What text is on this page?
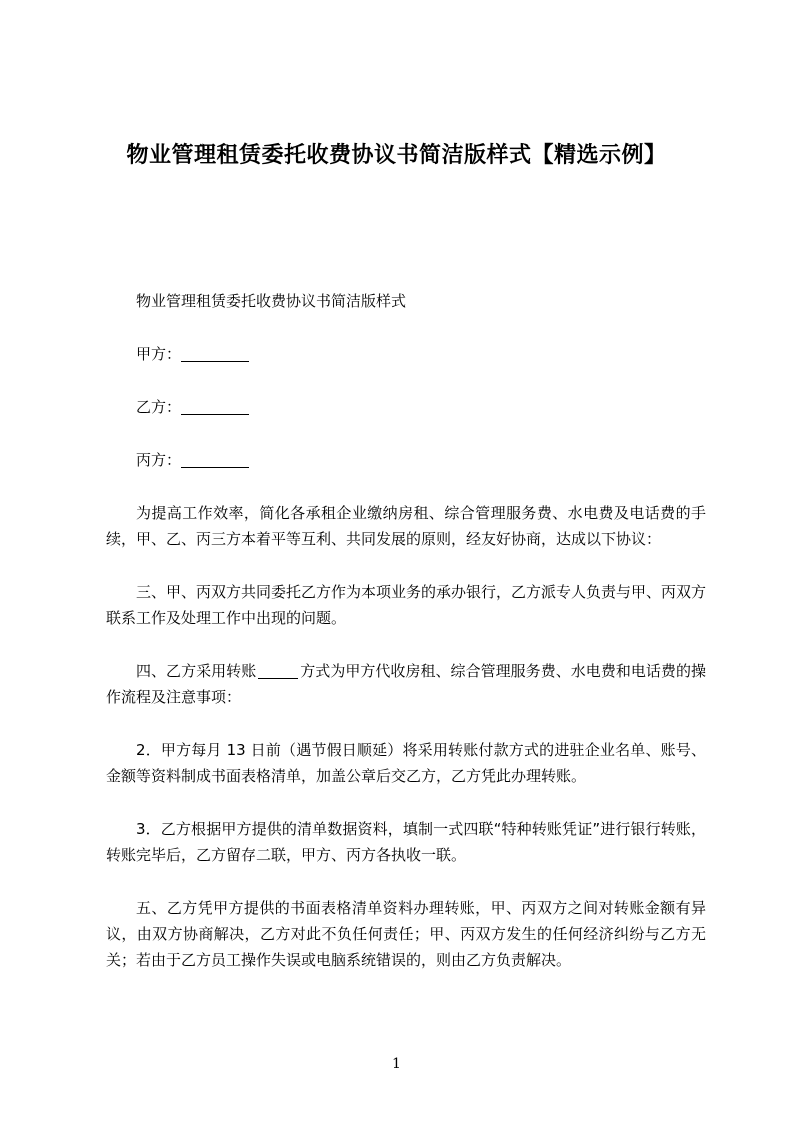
物业管理租赁委托收费协议书简洁版样式【精选示例】

物业管理租赁委托收费协议书简洁版样式

甲方：

乙方：

丙方：

为提高工作效率，简化各承租企业缴纳房租、综合管理服务费、水电费及电话费的手续，甲、乙、丙三方本着平等互利、共同发展的原则，经友好协商，达成以下协议：

三、甲、丙双方共同委托乙方作为本项业务的承办银行，乙方派专人负责与甲、丙双方联系工作及处理工作中出现的问题。

四、乙方采用转账	方式为甲方代收房租、综合管理服务费、水电费和电话费的操作流程及注意事项：

2．甲方每月 13 日前（遇节假日顺延）将采用转账付款方式的进驻企业名单、账号、金额等资料制成书面表格清单，加盖公章后交乙方，乙方凭此办理转账。

3．乙方根据甲方提供的清单数据资料，填制一式四联“特种转账凭证”进行银行转账，转账完毕后，乙方留存二联，甲方、丙方各执收一联。

五、乙方凭甲方提供的书面表格清单资料办理转账，甲、丙双方之间对转账金额有异议，由双方协商解决，乙方对此不负任何责任；甲、丙双方发生的任何经济纠纷与乙方无关；若由于乙方员工操作失误或电脑系统错误的，则由乙方负责解决。

1
